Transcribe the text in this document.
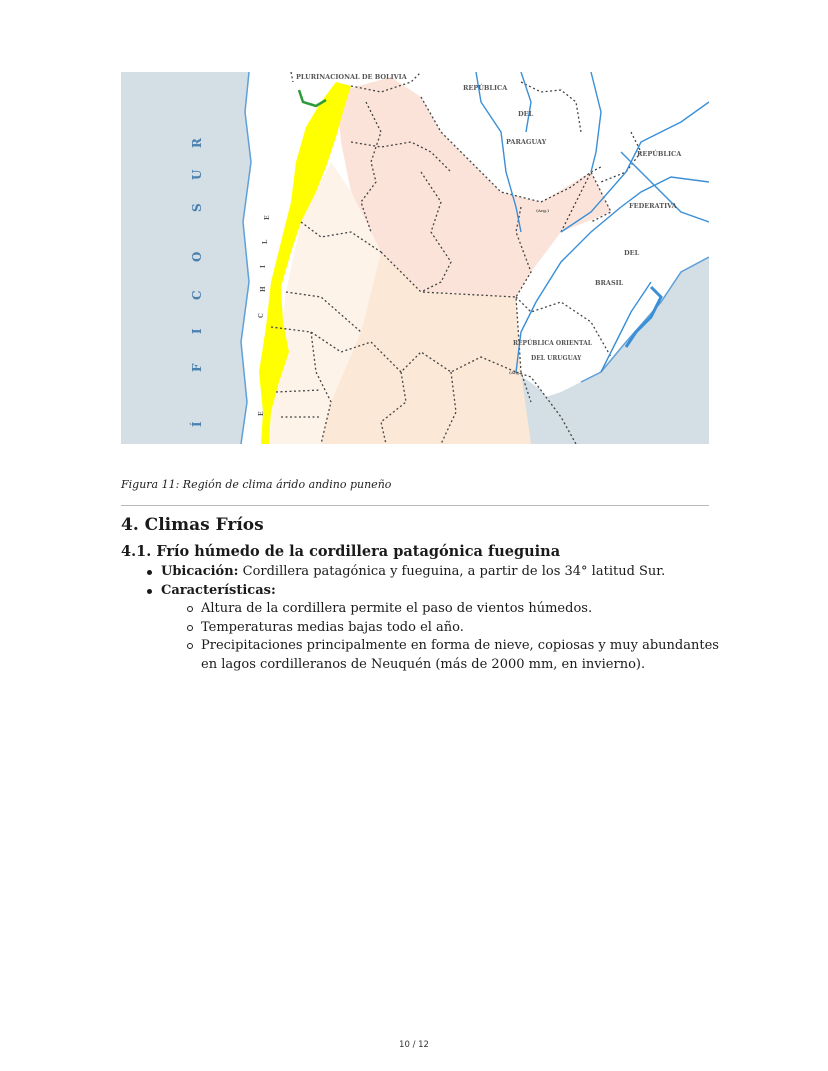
PLURINACIONAL DE BOLIVIA
REPÚBLICA
DEL
PARAGUAY
REPÚBLICA
FEDERATIVA
DEL
BRASIL
REPÚBLICA ORIENTAL
DEL URUGUAY
(Arg.)
(Arg.)
Í
F
I
C
O
S
U
R
E
C
H
I
L
E
Figura 11: Región de clima árido andino puneño
4. Climas Fríos
4.1. Frío húmedo de la cordillera patagónica fueguina
Ubicación: Cordillera patagónica y fueguina, a partir de los 34° latitud Sur.
Características:
Altura de la cordillera permite el paso de vientos húmedos.
Temperaturas medias bajas todo el año.
Precipitaciones principalmente en forma de nieve, copiosas y muy abundantes en lagos cordilleranos de Neuquén (más de 2000 mm, en invierno).
10 / 12
